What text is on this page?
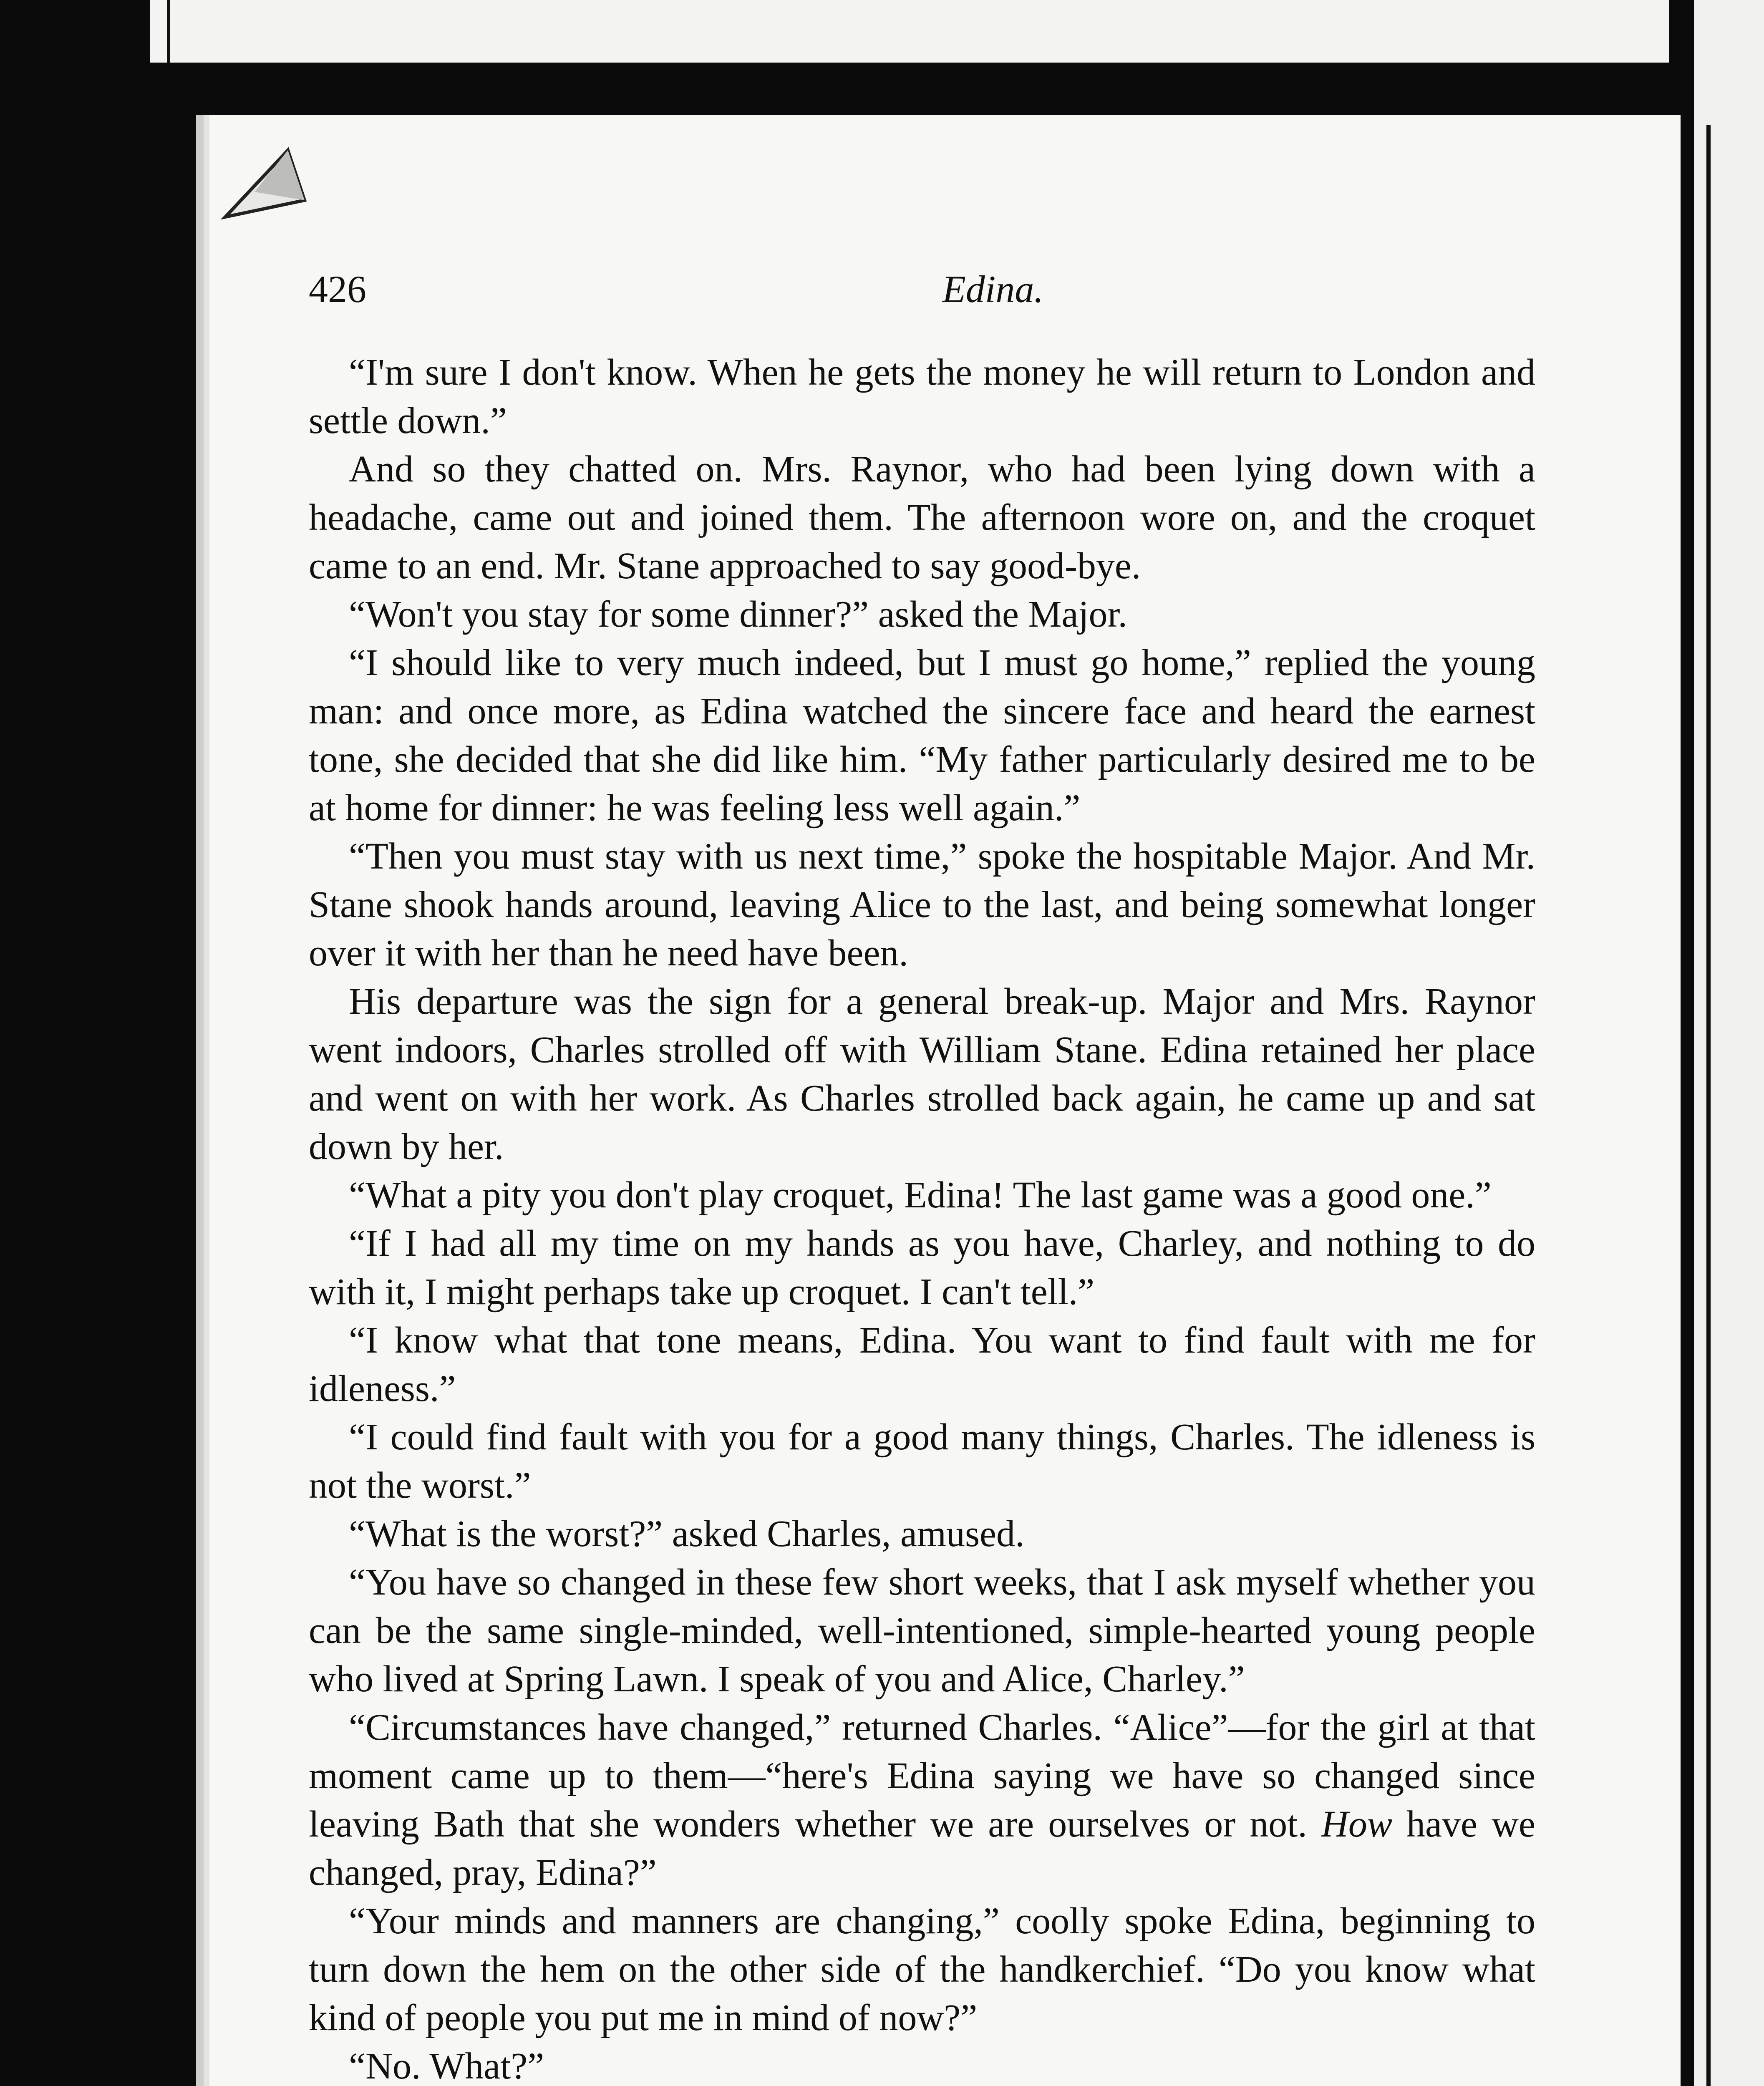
426	Edina.

“I'm sure I don't know. When he gets the money he will return to London and settle down.”

And so they chatted on. Mrs. Raynor, who had been lying down with a headache, came out and joined them. The afternoon wore on, and the croquet came to an end. Mr. Stane approached to say good-bye.

“Won't you stay for some dinner?” asked the Major.

“I should like to very much indeed, but I must go home,” replied the young man: and once more, as Edina watched the sincere face and heard the earnest tone, she decided that she did like him. “My father particularly desired me to be at home for dinner: he was feeling less well again.”

“Then you must stay with us next time,” spoke the hospitable Major. And Mr. Stane shook hands around, leaving Alice to the last, and being somewhat longer over it with her than he need have been.

His departure was the sign for a general break-up. Major and Mrs. Raynor went indoors, Charles strolled off with William Stane. Edina retained her place and went on with her work. As Charles strolled back again, he came up and sat down by her.

“What a pity you don't play croquet, Edina! The last game was a good one.”

“If I had all my time on my hands as you have, Charley, and nothing to do with it, I might perhaps take up croquet. I can't tell.”

“I know what that tone means, Edina. You want to find fault with me for idleness.”

“I could find fault with you for a good many things, Charles. The idleness is not the worst.”

“What is the worst?” asked Charles, amused.

“You have so changed in these few short weeks, that I ask myself whether you can be the same single-minded, well-intentioned, simple-hearted young people who lived at Spring Lawn. I speak of you and Alice, Charley.”

“Circumstances have changed,” returned Charles. “Alice”—for the girl at that moment came up to them—“here's Edina saying we have so changed since leaving Bath that she wonders whether we are ourselves or not. How have we changed, pray, Edina?”

“Your minds and manners are changing,” coolly spoke Edina, beginning to turn down the hem on the other side of the handkerchief. “Do you know what kind of people you put me in mind of now?”

“No. What?”
